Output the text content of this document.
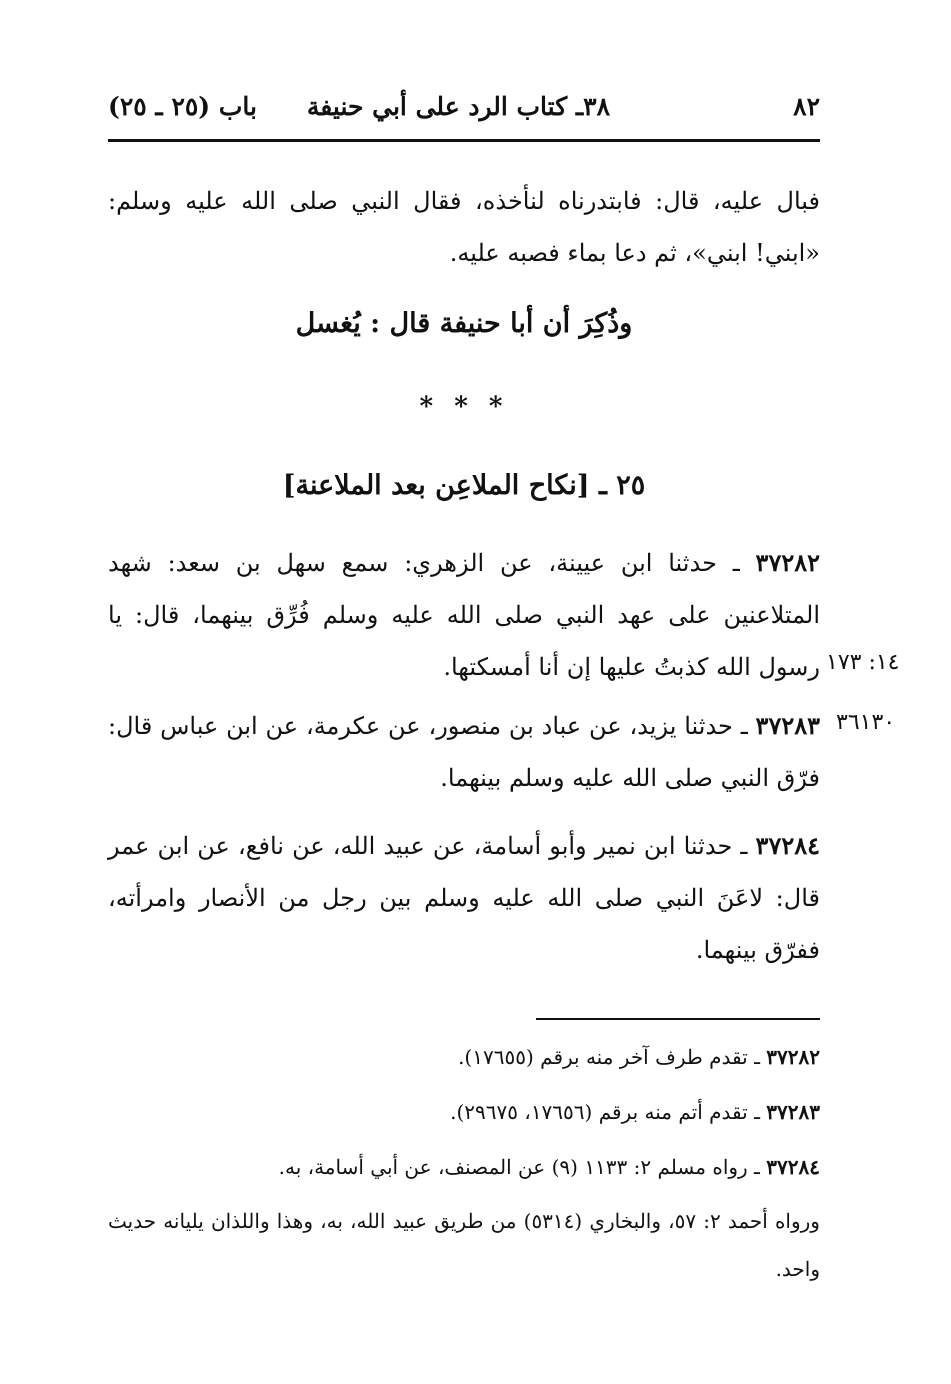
٨٢
٣٨ـ كتاب الرد على أبي حنيفة
باب (٢٥ ـ ٢٥)
فبال عليه، قال: فابتدرناه لنأخذه، فقال النبي صلى الله عليه وسلم: «ابني! ابني»، ثم دعا بماء فصبه عليه.
وذُكِرَ أن أبا حنيفة قال : يُغسل
* * *
٢٥ ـ [نكاح الملاعِن بعد الملاعنة]
٣٧٢٨٢ ـ حدثنا ابن عيينة، عن الزهري: سمع سهل بن سعد: شهد المتلاعنين على عهد النبي صلى الله عليه وسلم فُرِّق بينهما، قال: يا رسول الله كذبتُ عليها إن أنا أمسكتها. ١٤: ١٧٣
٣٧٢٨٣ ـ حدثنا يزيد، عن عباد بن منصور، عن عكرمة، عن ابن عباس قال: فرّق النبي صلى الله عليه وسلم بينهما.
٣٦١٣٠
٣٧٢٨٤ ـ حدثنا ابن نمير وأبو أسامة، عن عبيد الله، عن نافع، عن ابن عمر قال: لاعَنَ النبي صلى الله عليه وسلم بين رجل من الأنصار وامرأته، ففرّق بينهما.
٣٧٢٨٢ ـ تقدم طرف آخر منه برقم (١٧٦٥٥).
٣٧٢٨٣ ـ تقدم أتم منه برقم (١٧٦٥٦، ٢٩٦٧٥).
٣٧٢٨٤ ـ رواه مسلم ٢: ١١٣٣ (٩) عن المصنف، عن أبي أسامة، به.
ورواه أحمد ٢: ٥٧، والبخاري (٥٣١٤) من طريق عبيد الله، به، وهذا واللذان يليانه حديث واحد.
